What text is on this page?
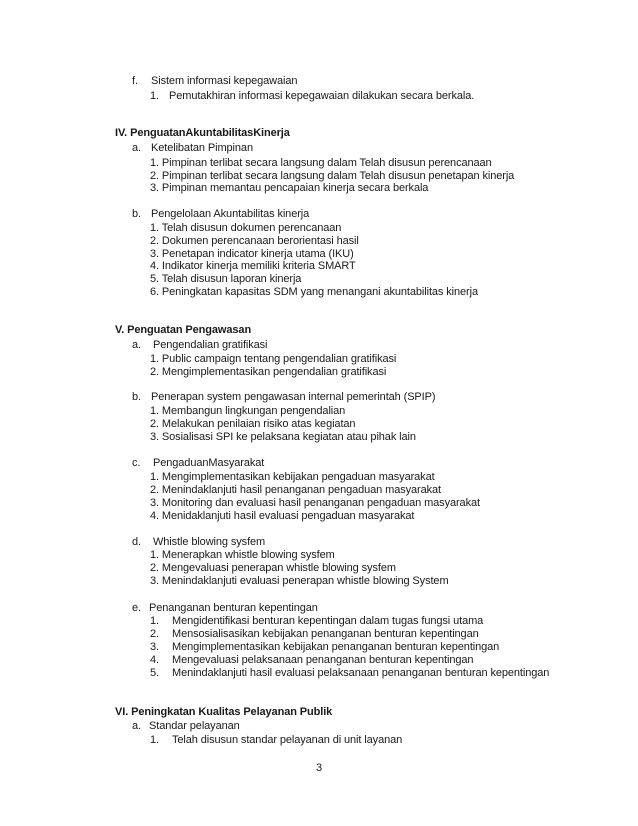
f. Sistem informasi kepegawaian
1. Pemutakhiran informasi kepegawaian dilakukan secara berkala.
IV. PenguatanAkuntabilitasKinerja
a. Ketelibatan Pimpinan
1. Pimpinan terlibat secara langsung dalam Telah disusun perencanaan
2. Pimpinan terlibat secara langsung dalam Telah disusun penetapan kinerja
3. Pimpinan memantau pencapaian kinerja secara berkala
b. Pengelolaan Akuntabilitas kinerja
1. Telah disusun dokumen perencanaan
2. Dokumen perencanaan berorientasi hasil
3. Penetapan indicator kinerja utama (IKU)
4. Indikator kinerja memiliki kriteria SMART
5. Telah disusun laporan kinerja
6. Peningkatan kapasitas SDM yang menangani akuntabilitas kinerja
V. Penguatan Pengawasan
a. Pengendalian gratifikasi
1. Public campaign tentang pengendalian gratifikasi
2. Mengimplementasikan pengendalian gratifikasi
b. Penerapan system pengawasan internal pemerintah (SPIP)
1. Membangun lingkungan pengendalian
2. Melakukan penilaian risiko atas kegiatan
3. Sosialisasi SPI ke pelaksana kegiatan atau pihak lain
c. PengaduanMasyarakat
1. Mengimplementasikan kebijakan pengaduan masyarakat
2. Menindaklanjuti hasil penanganan pengaduan masyarakat
3. Monitoring dan evaluasi hasil penanganan pengaduan masyarakat
4. Menidaklanjuti hasil evaluasi pengaduan masyarakat
d. Whistle blowing sysfem
1. Menerapkan whistle blowing sysfem
2. Mengevaluasi penerapan whistle blowing sysfem
3. Menindaklanjuti evaluasi penerapan whistle blowing System
e. Penanganan benturan kepentingan
1. Mengidentifikasi benturan kepentingan dalam tugas fungsi utama
2. Mensosialisasikan kebijakan penanganan benturan kepentingan
3. Mengimplementasikan kebijakan penanganan benturan kepentingan
4. Mengevaluasi pelaksanaan penanganan benturan kepentingan
5. Menindaklanjuti hasil evaluasi pelaksanaan penanganan benturan kepentingan
VI. Peningkatan Kualitas Pelayanan Publik
a. Standar pelayanan
1. Telah disusun standar pelayanan di unit layanan
3
